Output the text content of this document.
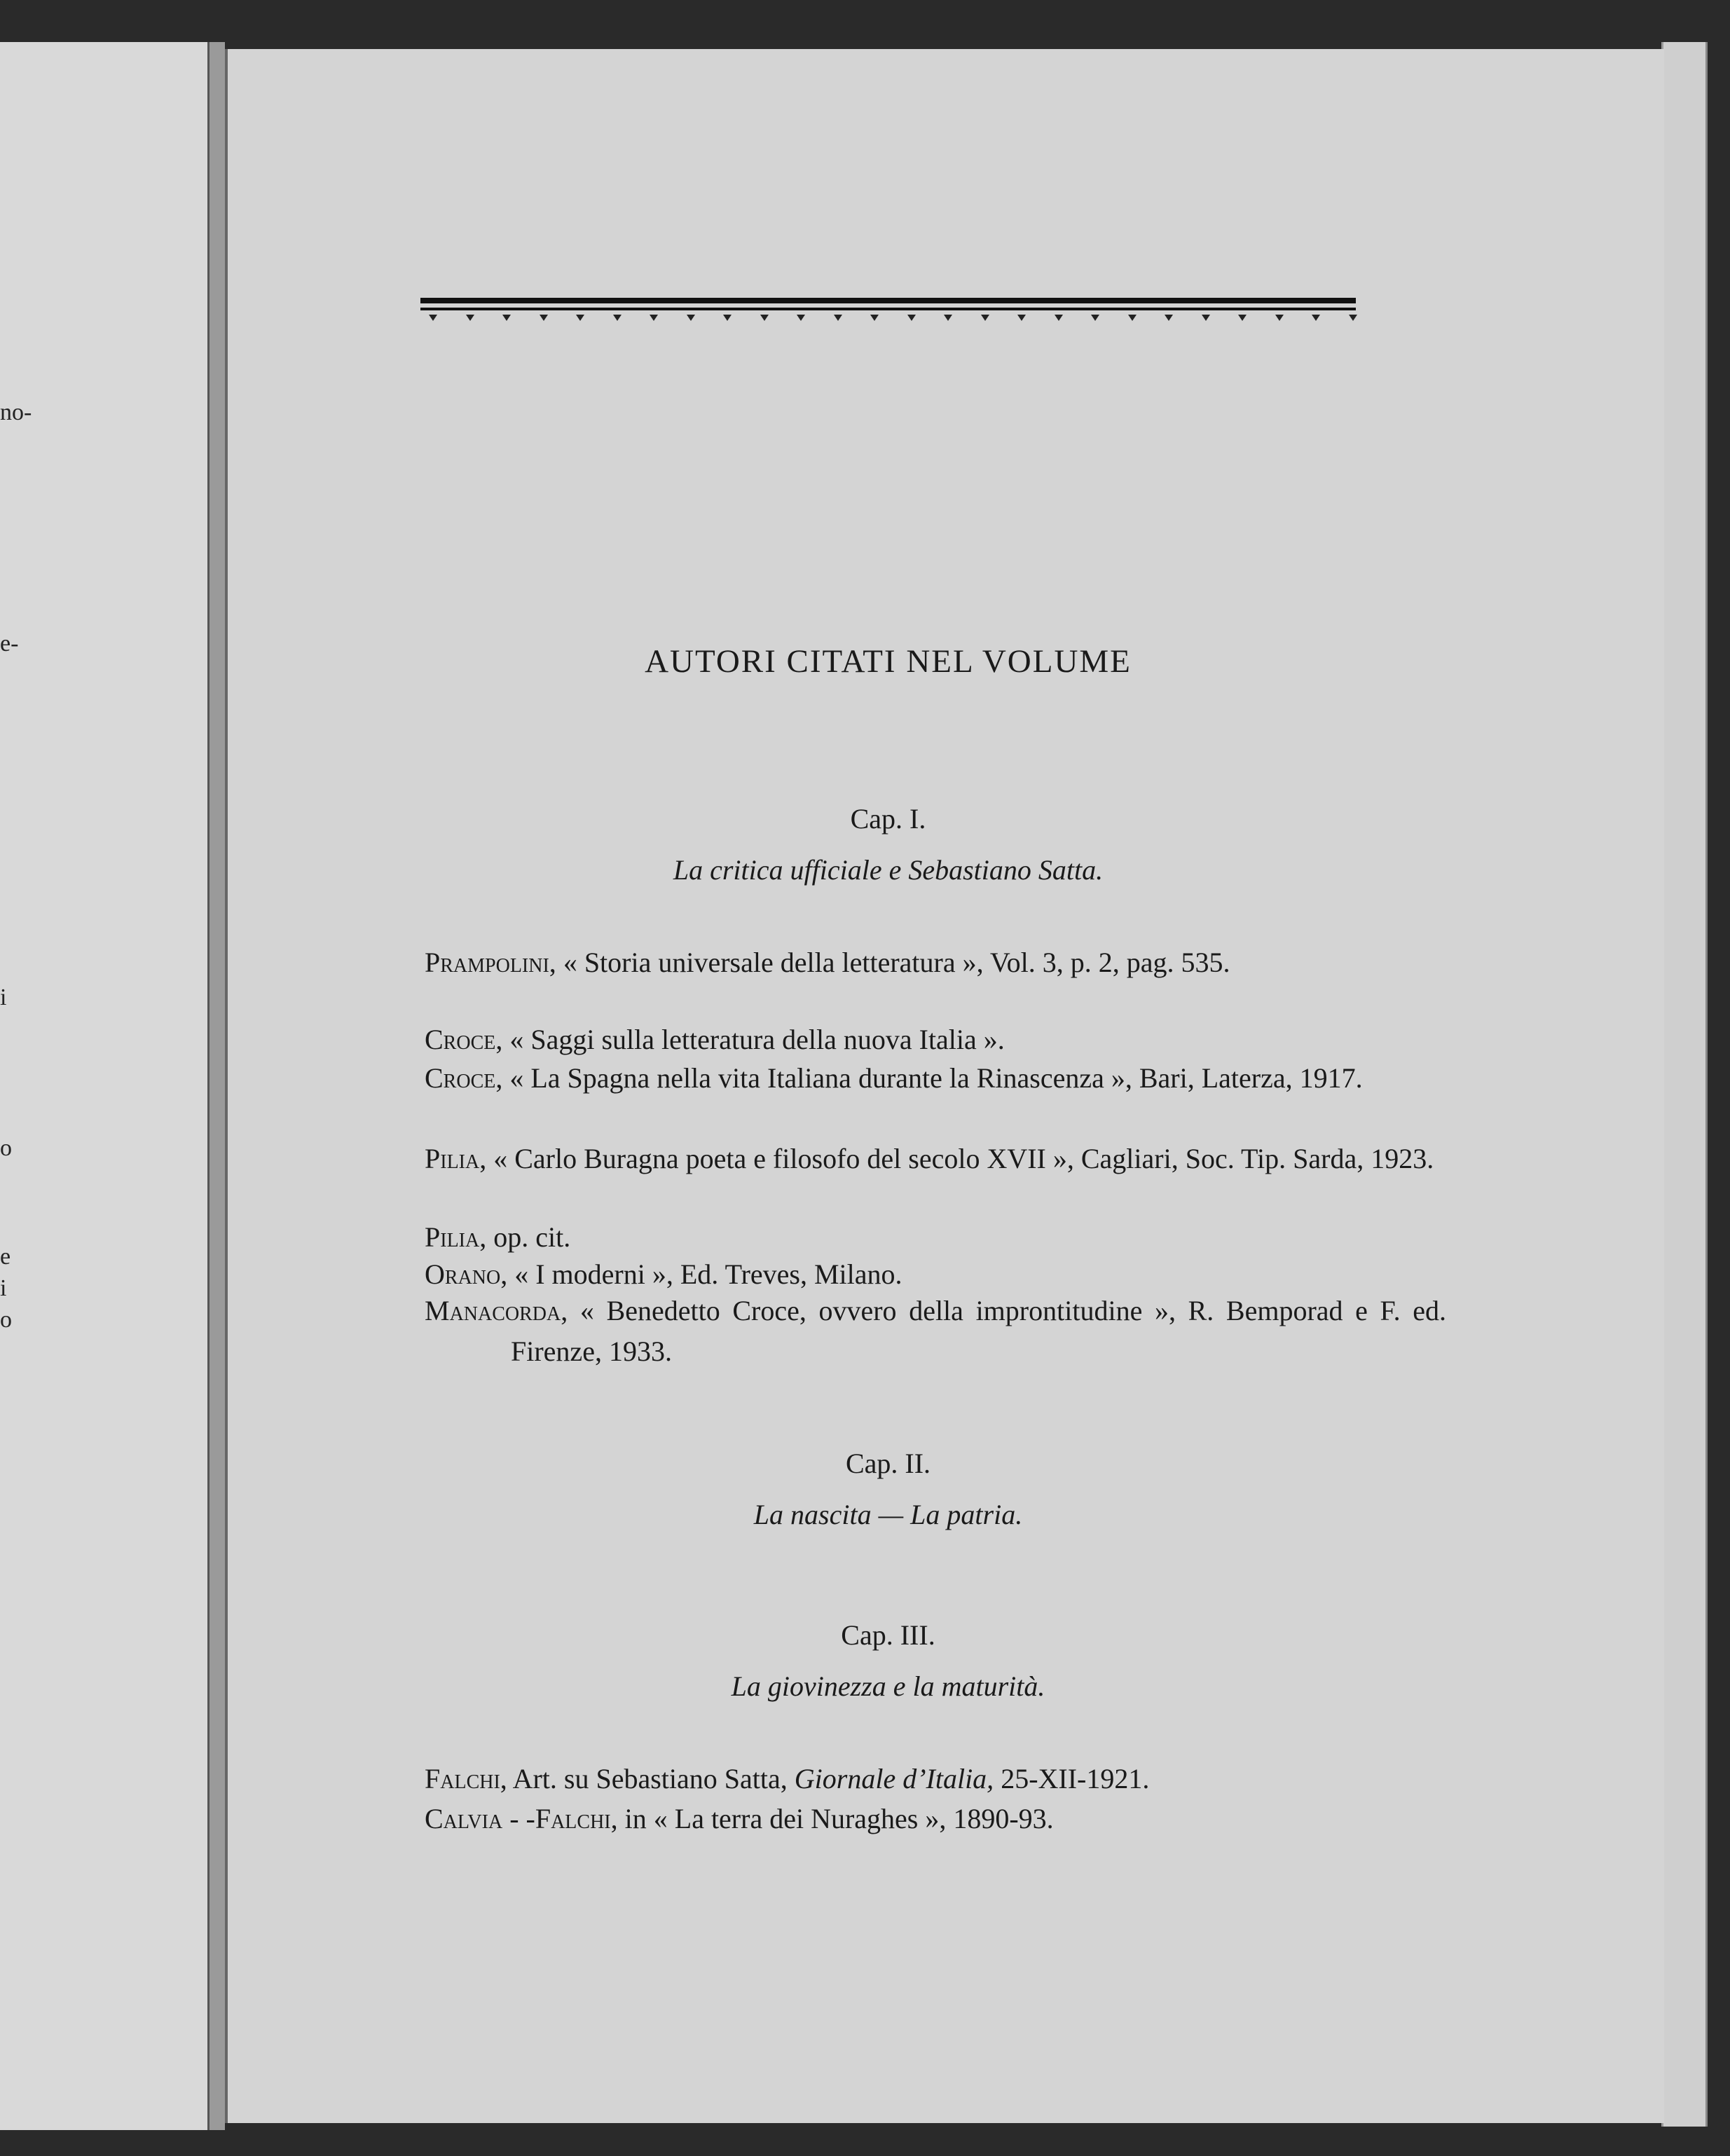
no-
e-
i
o
e
i
o
AUTORI CITATI NEL VOLUME
Cap. I.
La critica ufficiale e Sebastiano Satta.
Prampolini, « Storia universale della letteratura », Vol. 3, p. 2, pag. 535.
Croce, « Saggi sulla letteratura della nuova Italia ».
Croce, « La Spagna nella vita Italiana durante la Rinascenza », Bari, Laterza, 1917.
Pilia, « Carlo Buragna poeta e filosofo del secolo XVII », Cagliari, Soc. Tip. Sarda, 1923.
Pilia, op. cit.
Orano, « I moderni », Ed. Treves, Milano.
Manacorda, « Benedetto Croce, ovvero della improntitudine », R. Bemporad e F. ed. Firenze, 1933.
Cap. II.
La nascita — La patria.
Cap. III.
La giovinezza e la maturità.
Falchi, Art. su Sebastiano Satta, Giornale d’Italia, 25-XII-1921.
Calvia - -Falchi, in « La terra dei Nuraghes », 1890-93.
